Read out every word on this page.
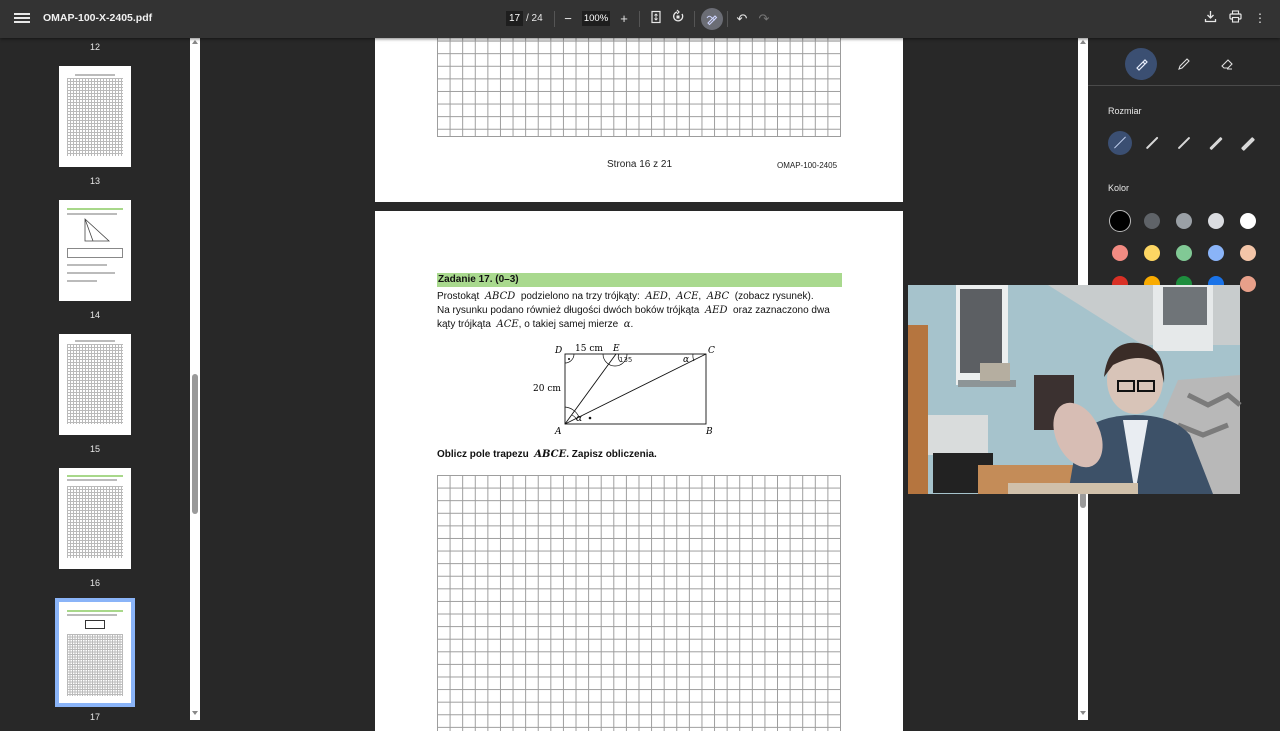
OMAP-100-X-2405.pdf	17 / 24	−	100% +	↶ ↷	⋮
12
13
14
15
16
17
Strona 16 z 21	OMAP-100-2405
Zadanie 17. (0–3)
Prostokąt ABCD podzielono na trzy trójkąty: AED,  ACE,  ABC (zobacz rysunek).
Na rysunku podano również długości dwóch boków trójkąta AED oraz zaznaczono dwa
kąty trójkąta ACE, o takiej samej mierze α.
D 15 cm E	C
20 cm
A	B
α
α
135
Oblicz pole trapezu ABCE. Zapisz obliczenia.
Rozmiar
Kolor
